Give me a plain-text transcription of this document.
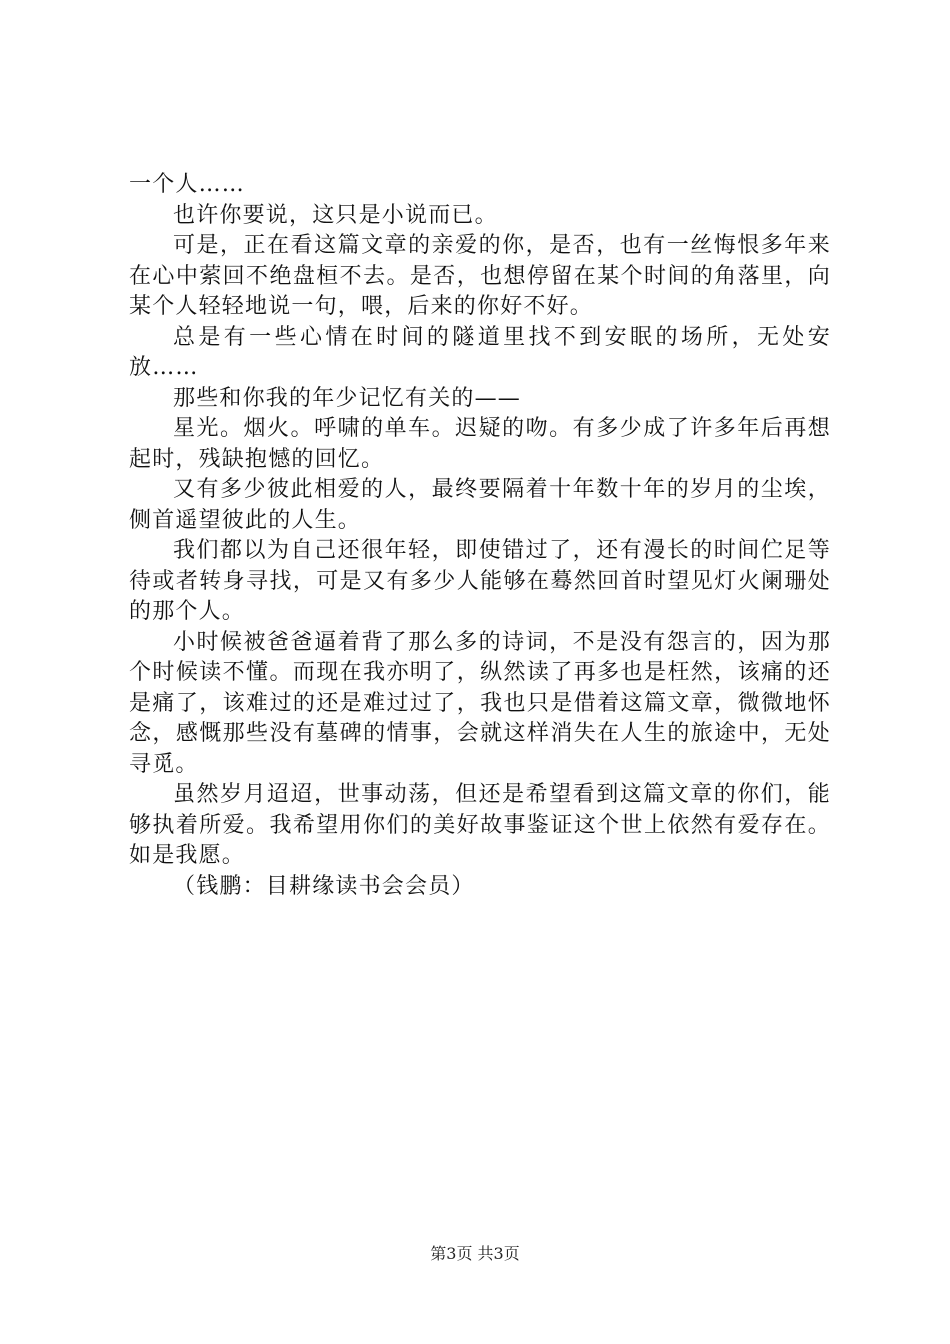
一个人……

也许你要说，这只是小说而已。

可是，正在看这篇文章的亲爱的你，是否，也有一丝悔恨多年来在心中萦回不绝盘桓不去。是否，也想停留在某个时间的角落里，向某个人轻轻地说一句，喂，后来的你好不好。

总是有一些心情在时间的隧道里找不到安眠的场所，无处安放……

那些和你我的年少记忆有关的——

星光。烟火。呼啸的单车。迟疑的吻。有多少成了许多年后再想起时，残缺抱憾的回忆。

又有多少彼此相爱的人，最终要隔着十年数十年的岁月的尘埃，侧首遥望彼此的人生。

我们都以为自己还很年轻，即使错过了，还有漫长的时间伫足等待或者转身寻找，可是又有多少人能够在蓦然回首时望见灯火阑珊处的那个人。

小时候被爸爸逼着背了那么多的诗词，不是没有怨言的，因为那个时候读不懂。而现在我亦明了，纵然读了再多也是枉然，该痛的还是痛了，该难过的还是难过过了，我也只是借着这篇文章，微微地怀念，感慨那些没有墓碑的情事，会就这样消失在人生的旅途中，无处寻觅。

虽然岁月迢迢，世事动荡，但还是希望看到这篇文章的你们，能够执着所爱。我希望用你们的美好故事鉴证这个世上依然有爱存在。如是我愿。

（钱鹏：目耕缘读书会会员）

第3页 共3页
